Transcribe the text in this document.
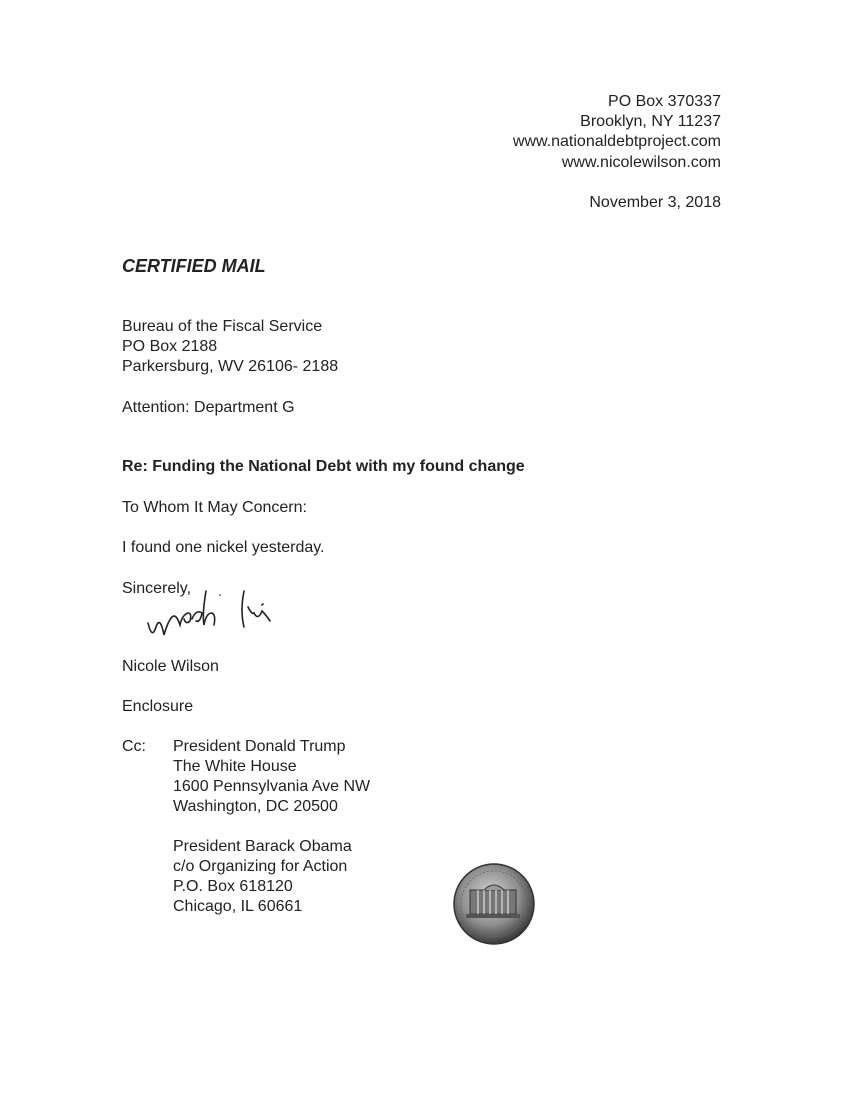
PO Box 370337
Brooklyn, NY 11237
www.nationaldebtproject.com
www.nicolewilson.com
November 3, 2018
CERTIFIED MAIL
Bureau of the Fiscal Service
PO Box 2188
Parkersburg, WV 26106- 2188
Attention: Department G
Re: Funding the National Debt with my found change
To Whom It May Concern:
I found one nickel yesterday.
Sincerely,
Nicole Wilson
Enclosure
Cc: President Donald Trump
The White House
1600 Pennsylvania Ave NW
Washington, DC 20500
President Barack Obama
c/o Organizing for Action
P.O. Box 618120
Chicago, IL 60661
